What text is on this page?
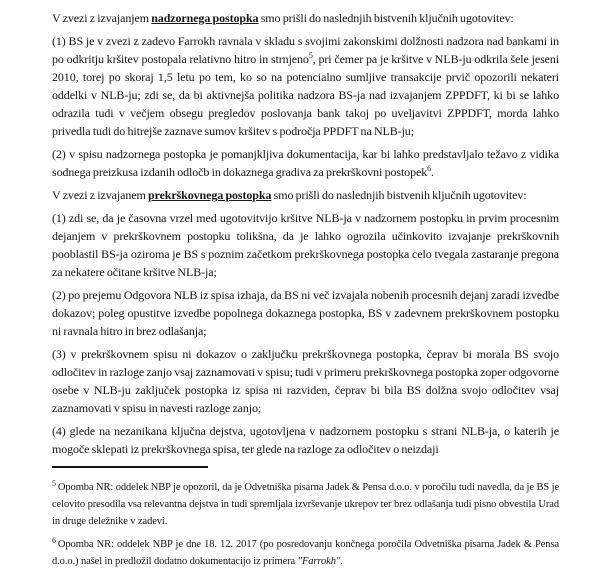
V zvezi z izvajanjem nadzornega postopka smo prišli do naslednjih bistvenih ključnih ugotovitev:

(1) BS je v zvezi z zadevo Farrokh ravnala v skladu s svojimi zakonskimi dolžnosti nadzora nad bankami in po odkritju kršitev postopala relativno hitro in strnjeno$^5$, pri čemer pa je kršitve v NLB-ju odkrila šele jeseni 2010, torej po skoraj 1,5 letu po tem, ko so na potencialno sumljive transakcije prvič opozorili nekateri oddelki v NLB-ju; zdi se, da bi aktivnejša politika nadzora BS-ja nad izvajanjem ZPPDFT, ki bi se lahko odrazila tudi v večjem obsegu pregledov poslovanja bank takoj po uveljavitvi ZPPDFT, morda lahko privedla tudi do hitrejše zaznave sumov kršitev s področja PPDFT na NLB-ju;

(2) v spisu nadzornega postopka je pomanjkljiva dokumentacija, kar bi lahko predstavljalo težavo z vidika sodnega preizkusa izdanih odločb in dokaznega gradiva za prekrškovni postopek$^6$.

V zvezi z izvajanem prekrškovnega postopka smo prišli do naslednjih bistvenih ključnih ugotovitev:

(1) zdi se, da je časovna vrzel med ugotovitvijo kršitve NLB-ja v nadzornem postopku in prvim procesnim dejanjem v prekrškovnem postopku tolikšna, da je lahko ogrozila učinkovito izvajanje prekrškovnih pooblastil BS-ja oziroma je BS s poznim začetkom prekrškovnega postopka celo tvegala zastaranje pregona za nekatere očitane kršitve NLB-ja;

(2) po prejemu Odgovora NLB iz spisa izhaja, da BS ni več izvajala nobenih procesnih dejanj zaradi izvedbe dokazov; poleg opustitve izvedbe popolnega dokaznega postopka, BS v zadevnem prekrškovnem postopku ni ravnala hitro in brez odlašanja;

(3) v prekrškovnem spisu ni dokazov o zaključku prekrškovnega postopka, čeprav bi morala BS svojo odločitev in razloge zanjo vsaj zaznamovati v spisu; tudi v primeru prekrškovnega postopka zoper odgovorne osebe v NLB-ju zaključek postopka iz spisa ni razviden, čeprav bi bila BS dolžna svojo odločitev vsaj zaznamovati v spisu in navesti razloge zanjo;

(4) glede na nezanikana ključna dejstva, ugotovljena v nadzornem postopku s strani NLB-ja, o katerih je mogoče sklepati iz prekrškovnega spisa, ter glede na razloge za odločitev o neizdaji

$^5$ Opomba NR: oddelek NBP je opozoril, da je Odvetniška pisarna Jadek & Pensa d.o.o. v poročilu tudi navedla, da je BS je celovito presodila vsa relevantna dejstva in tudi spremljala izvrševanje ukrepov ter brez odlašanja tudi pisno obvestila Urad in druge deležnike v zadevi.

$^6$ Opomba NR: oddelek NBP je dne 18. 12. 2017 (po posredovanju končnega poročila Odvetniška pisarna Jadek & Pensa d.o.o.) našel in predložil dodatno dokumentacijo iz primera "Farrokh".
